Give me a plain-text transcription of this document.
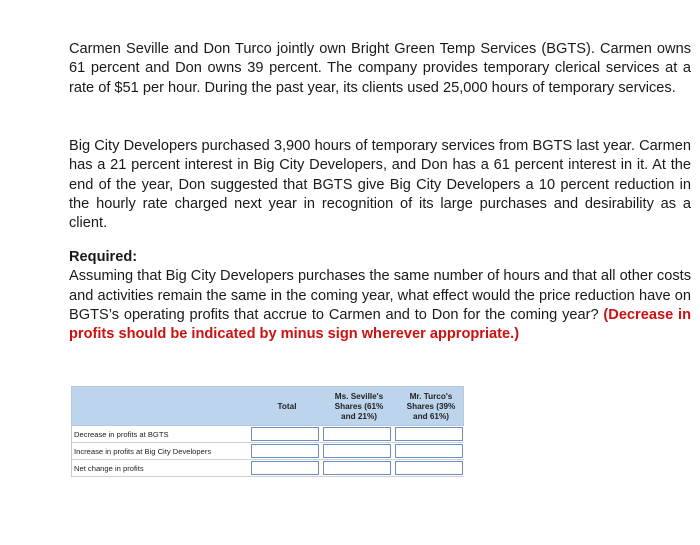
Carmen Seville and Don Turco jointly own Bright Green Temp Services (BGTS). Carmen owns 61 percent and Don owns 39 percent. The company provides temporary clerical services at a rate of $51 per hour. During the past year, its clients used 25,000 hours of temporary services.

Big City Developers purchased 3,900 hours of temporary services from BGTS last year. Carmen has a 21 percent interest in Big City Developers, and Don has a 61 percent interest in it. At the end of the year, Don suggested that BGTS give Big City Developers a 10 percent reduction in the hourly rate charged next year in recognition of its large purchases and desirability as a client.

Required:

Assuming that Big City Developers purchases the same number of hours and that all other costs and activities remain the same in the coming year, what effect would the price reduction have on BGTS’s operating profits that accrue to Carmen and to Don for the coming year? (Decrease in profits should be indicated by minus sign wherever appropriate.)

Total
Ms. Seville's
Shares (61%
and 21%)
Mr. Turco's
Shares (39%
and 61%)
Decrease in profits at BGTS
Increase in profits at Big City Developers
Net change in profits
